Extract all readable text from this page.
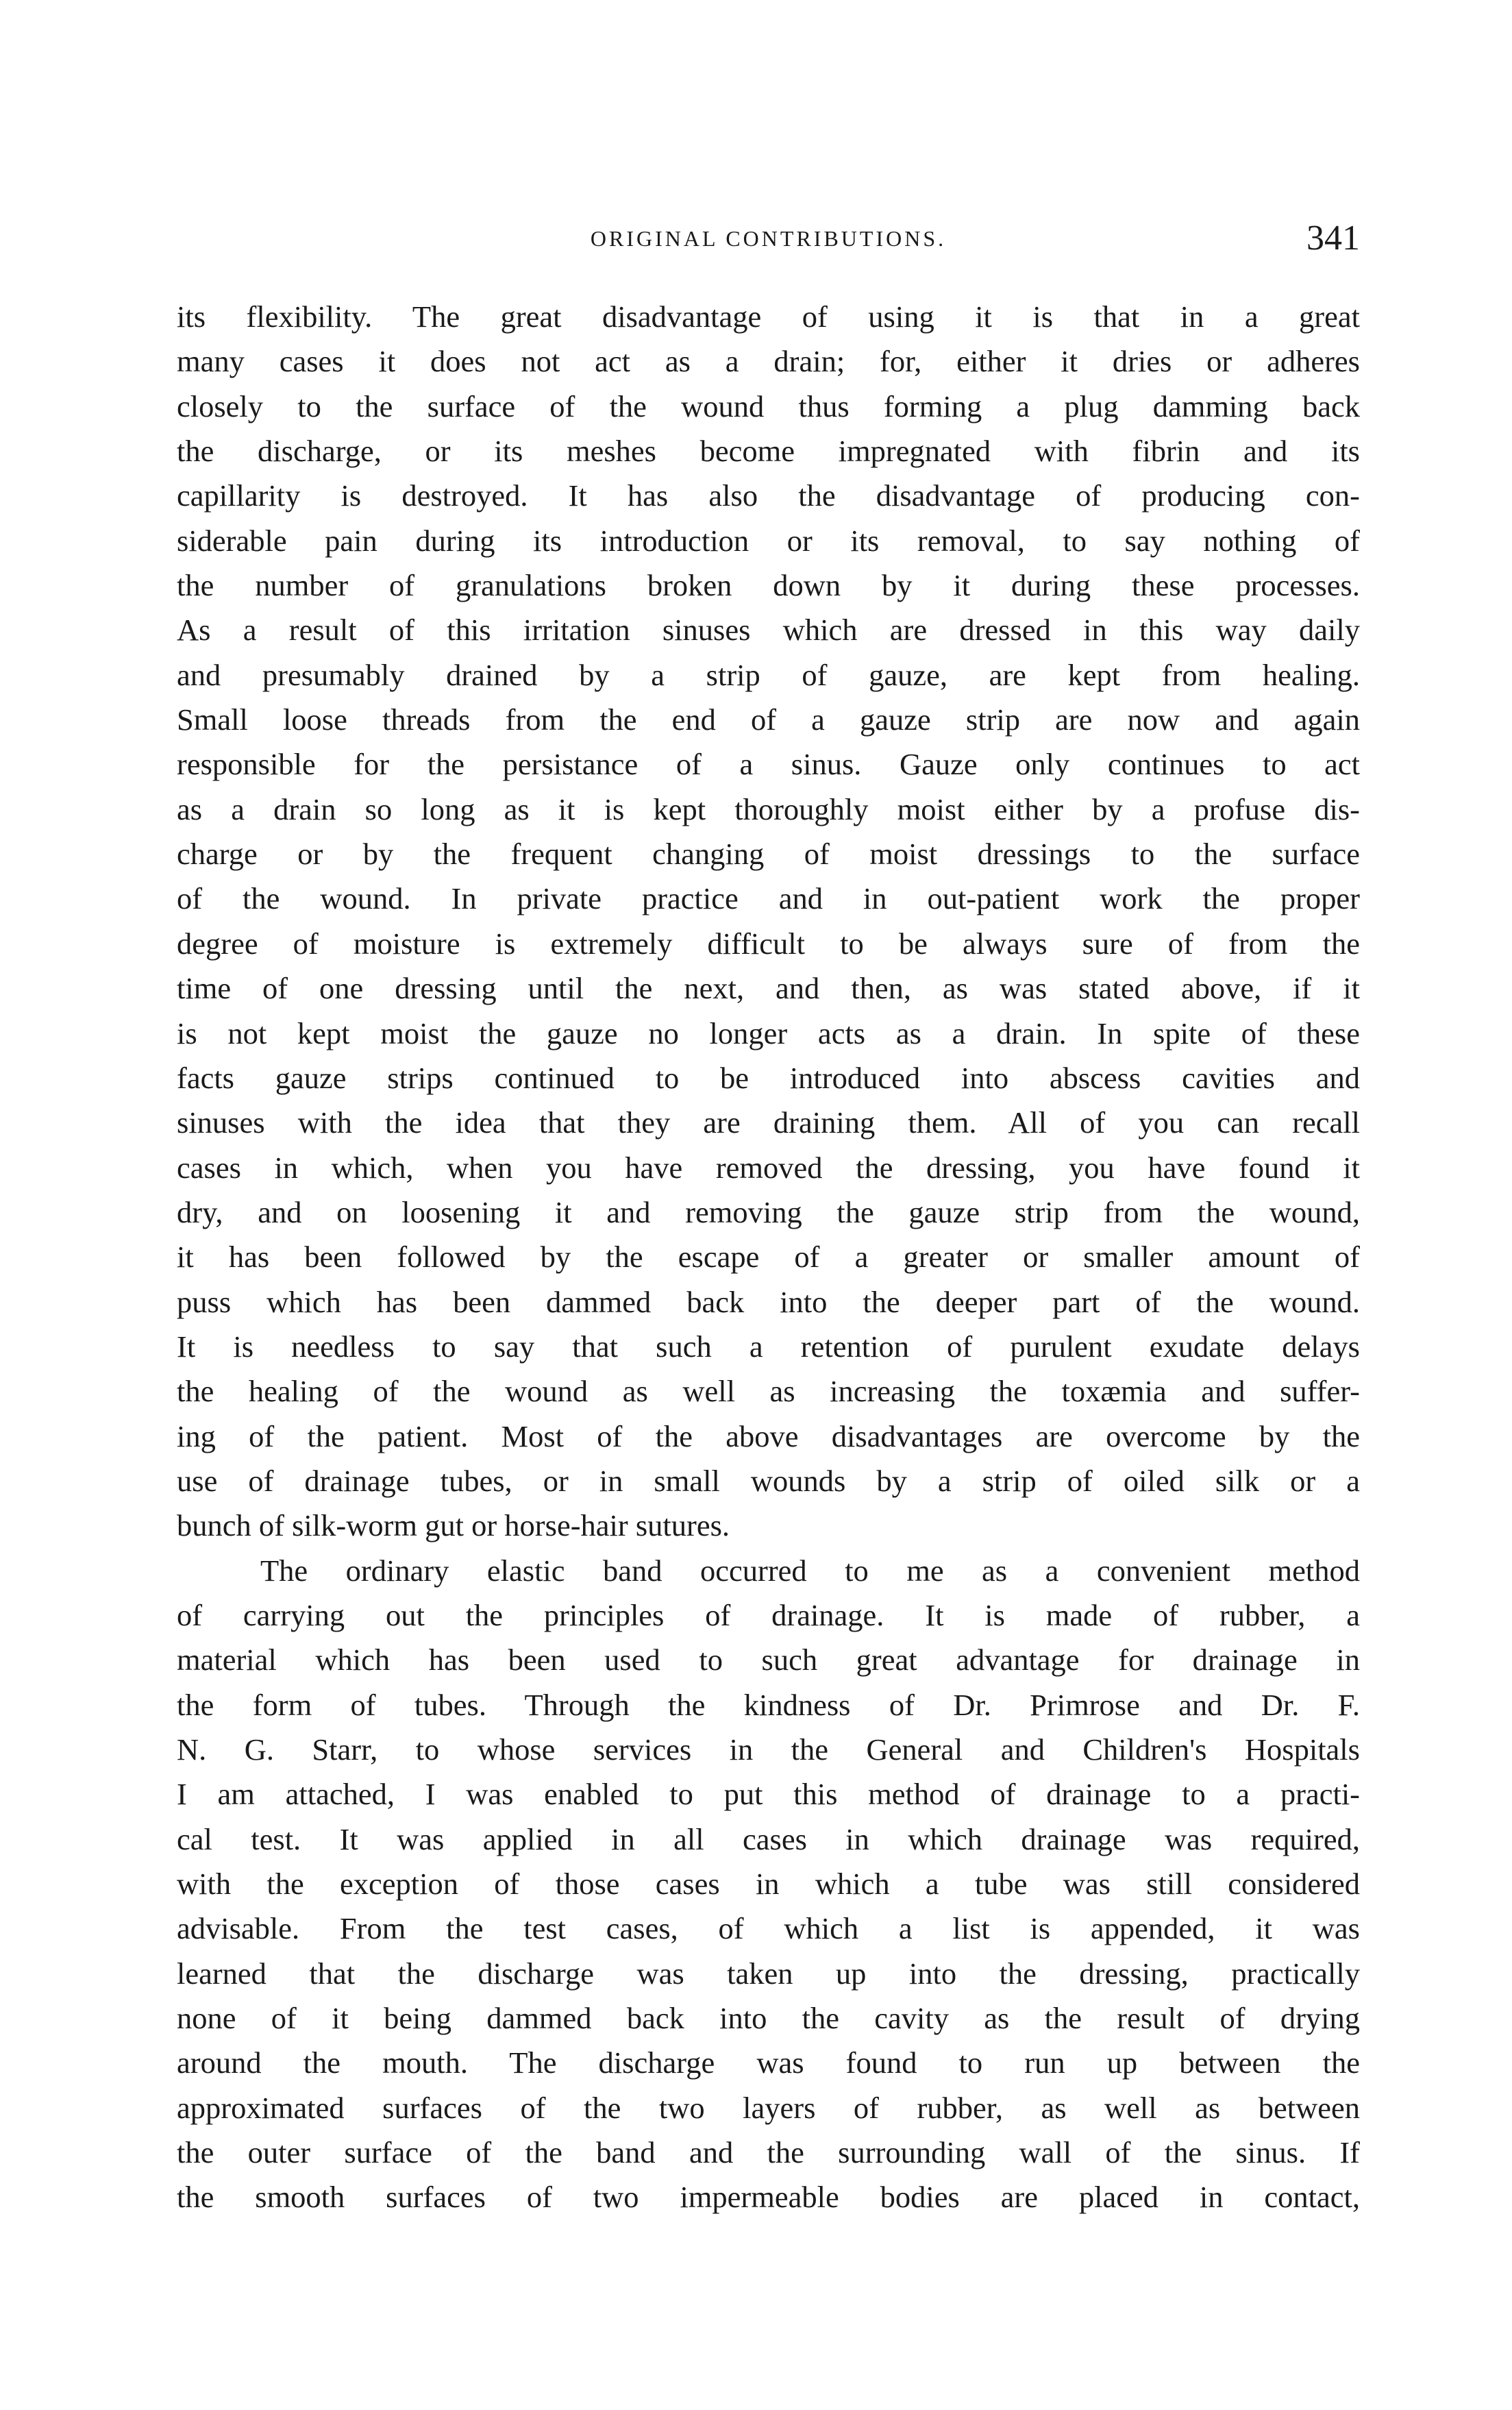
ORIGINAL CONTRIBUTIONS.	341
its flexibility. The great disadvantage of using it is that in a great
many cases it does not act as a drain; for, either it dries or adheres
closely to the surface of the wound thus forming a plug damming back
the discharge, or its meshes become impregnated with fibrin and its
capillarity is destroyed. It has also the disadvantage of producing con-
siderable pain during its introduction or its removal, to say nothing of
the number of granulations broken down by it during these processes.
As a result of this irritation sinuses which are dressed in this way daily
and presumably drained by a strip of gauze, are kept from healing.
Small loose threads from the end of a gauze strip are now and again
responsible for the persistance of a sinus. Gauze only continues to act
as a drain so long as it is kept thoroughly moist either by a profuse dis-
charge or by the frequent changing of moist dressings to the surface
of the wound. In private practice and in out-patient work the proper
degree of moisture is extremely difficult to be always sure of from the
time of one dressing until the next, and then, as was stated above, if it
is not kept moist the gauze no longer acts as a drain. In spite of these
facts gauze strips continued to be introduced into abscess cavities and
sinuses with the idea that they are draining them. All of you can recall
cases in which, when you have removed the dressing, you have found it
dry, and on loosening it and removing the gauze strip from the wound,
it has been followed by the escape of a greater or smaller amount of
puss which has been dammed back into the deeper part of the wound.
It is needless to say that such a retention of purulent exudate delays
the healing of the wound as well as increasing the toxæmia and suffer-
ing of the patient. Most of the above disadvantages are overcome by the
use of drainage tubes, or in small wounds by a strip of oiled silk or a
bunch of silk-worm gut or horse-hair sutures.
The ordinary elastic band occurred to me as a convenient method
of carrying out the principles of drainage. It is made of rubber, a
material which has been used to such great advantage for drainage in
the form of tubes. Through the kindness of Dr. Primrose and Dr. F.
N. G. Starr, to whose services in the General and Children's Hospitals
I am attached, I was enabled to put this method of drainage to a practi-
cal test. It was applied in all cases in which drainage was required,
with the exception of those cases in which a tube was still considered
advisable. From the test cases, of which a list is appended, it was
learned that the discharge was taken up into the dressing, practically
none of it being dammed back into the cavity as the result of drying
around the mouth. The discharge was found to run up between the
approximated surfaces of the two layers of rubber, as well as between
the outer surface of the band and the surrounding wall of the sinus. If
the smooth surfaces of two impermeable bodies are placed in contact,
